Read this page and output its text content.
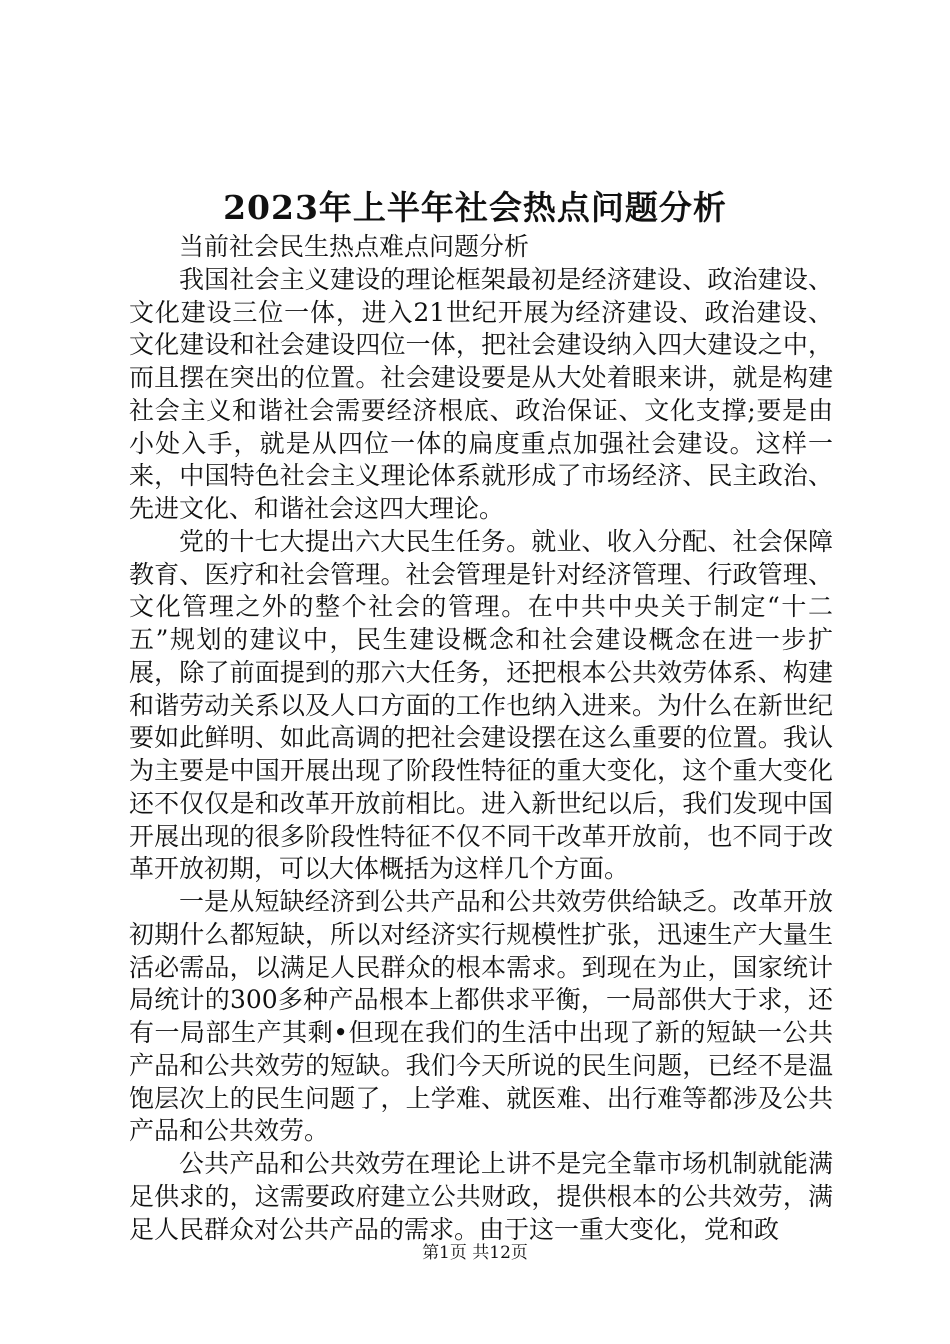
2023年上半年社会热点问题分析

当前社会民生热点难点问题分析

我国社会主义建设的理论框架最初是经济建设、政治建设、文化建设三位一体，进入21世纪开展为经济建设、政治建设、文化建设和社会建设四位一体，把社会建设纳入四大建设之中，而且摆在突出的位置。社会建设要是从大处着眼来讲，就是构建社会主义和谐社会需要经济根底、政治保证、文化支撑;要是由小处入手，就是从四位一体的扁度重点加强社会建设。这样一来，中国特色社会主义理论体系就形成了市场经济、民主政治、先进文化、和谐社会这四大理论。

党的十七大提出六大民生任务。就业、收入分配、社会保障教育、医疗和社会管理。社会管理是针对经济管理、行政管理、文化管理之外的整个社会的管理。在中共中央关于制定“十二五”规划的建议中，民生建设概念和社会建设概念在进一步扩展，除了前面提到的那六大任务，还把根本公共效劳体系、构建和谐劳动关系以及人口方面的工作也纳入进来。为什么在新世纪要如此鲜明、如此高调的把社会建设摆在这么重要的位置。我认为主要是中国开展出现了阶段性特征的重大变化，这个重大变化还不仅仅是和改革开放前相比。进入新世纪以后，我们发现中国开展出现的很多阶段性特征不仅不同干改革开放前，也不同于改革开放初期，可以大体概括为这样几个方面。

一是从短缺经济到公共产品和公共效劳供给缺乏。改革开放初期什么都短缺，所以对经济实行规模性扩张，迅速生产大量生活必需品，以满足人民群众的根本需求。到现在为止，国家统计局统计的300多种产品根本上都供求平衡，一局部供大于求，还有一局部生产其剩•但现在我们的生活中出现了新的短缺一公共产品和公共效劳的短缺。我们今天所说的民生问题，已经不是温饱层次上的民生问题了，上学难、就医难、出行难等都涉及公共产品和公共效劳。

公共产品和公共效劳在理论上讲不是完全靠市场机制就能满足供求的，这需要政府建立公共财政，提供根本的公共效劳，满足人民群众对公共产品的需求。由于这一重大变化，党和政

第1页 共12页
